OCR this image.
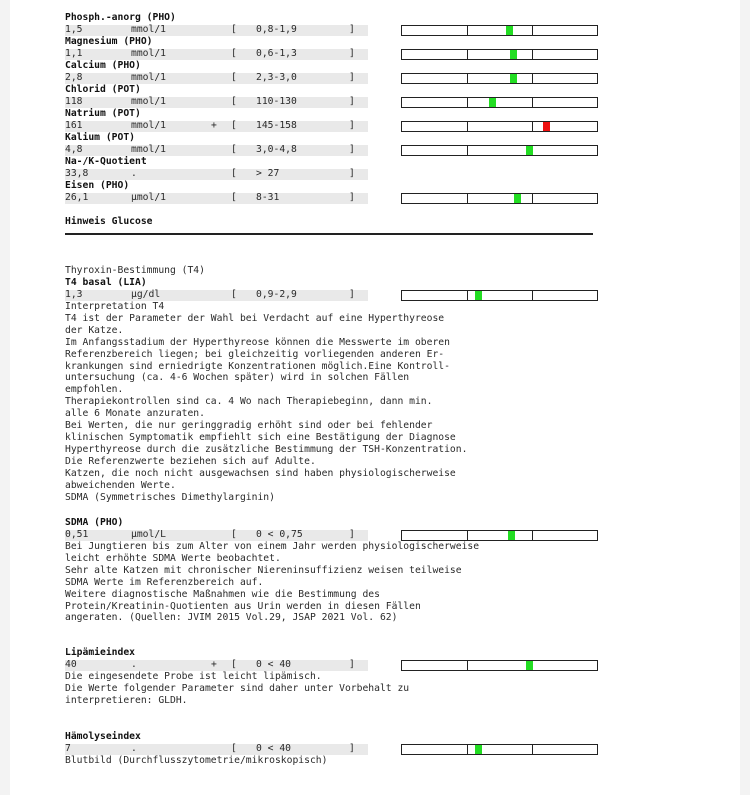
Hinweis Glucose
Thyroxin-Bestimmung (T4)
Interpretation T4
T4 ist der Parameter der Wahl bei Verdacht auf eine Hyperthyreose
der Katze.
Im Anfangsstadium der Hyperthyreose können die Messwerte im oberen
Referenzbereich liegen; bei gleichzeitig vorliegenden anderen Er-
krankungen sind erniedrigte Konzentrationen möglich.Eine Kontroll-
untersuchung (ca. 4-6 Wochen später) wird in solchen Fällen
empfohlen.
Therapiekontrollen sind ca. 4 Wo nach Therapiebeginn, dann min.
alle 6 Monate anzuraten.
Bei Werten, die nur geringgradig erhöht sind oder bei fehlender
klinischen Symptomatik empfiehlt sich eine Bestätigung der Diagnose
Hyperthyreose durch die zusätzliche Bestimmung der TSH-Konzentration.
Die Referenzwerte beziehen sich auf Adulte.
Katzen, die noch nicht ausgewachsen sind haben physiologischerweise
abweichenden Werte.
SDMA (Symmetrisches Dimethylarginin)
Bei Jungtieren bis zum Alter von einem Jahr werden physiologischerweise
leicht erhöhte SDMA Werte beobachtet.
Sehr alte Katzen mit chronischer Niereninsuffizienz weisen teilweise
SDMA Werte im Referenzbereich auf.
Weitere diagnostische Maßnahmen wie die Bestimmung des
Protein/Kreatinin-Quotienten aus Urin werden in diesen Fällen
angeraten. (Quellen: JVIM 2015 Vol.29, JSAP 2021 Vol. 62)
Die eingesendete Probe ist leicht lipämisch.
Die Werte folgender Parameter sind daher unter Vorbehalt zu
interpretieren: GLDH.
Blutbild (Durchflusszytometrie/mikroskopisch)
Phosph.-anorg (PHO)
1,5	mmol/1	[ 0,8-1,9	]
Magnesium (PHO)
1,1	mmol/1	[ 0,6-1,3	]
Calcium (PHO)
2,8	mmol/1	[ 2,3-3,0	]
Chlorid (POT)
118	mmol/1	[ 110-130	]
Natrium (POT)
161	mmol/1	+ [ 145-158	]
Kalium (POT)
4,8	mmol/1	[ 3,0-4,8	]
Na-/K-Quotient
33,8	.	[ > 27	]
Eisen (PHO)
26,1	µmol/1	[ 8-31	]
T4 basal (LIA)
1,3	µg/dl	[ 0,9-2,9	]
SDMA (PHO)
0,51	µmol/L	[ 0 < 0,75	]
Lipämieindex
40	.	+ [ 0 < 40	]
Hämolyseindex
7	.	[ 0 < 40	]
